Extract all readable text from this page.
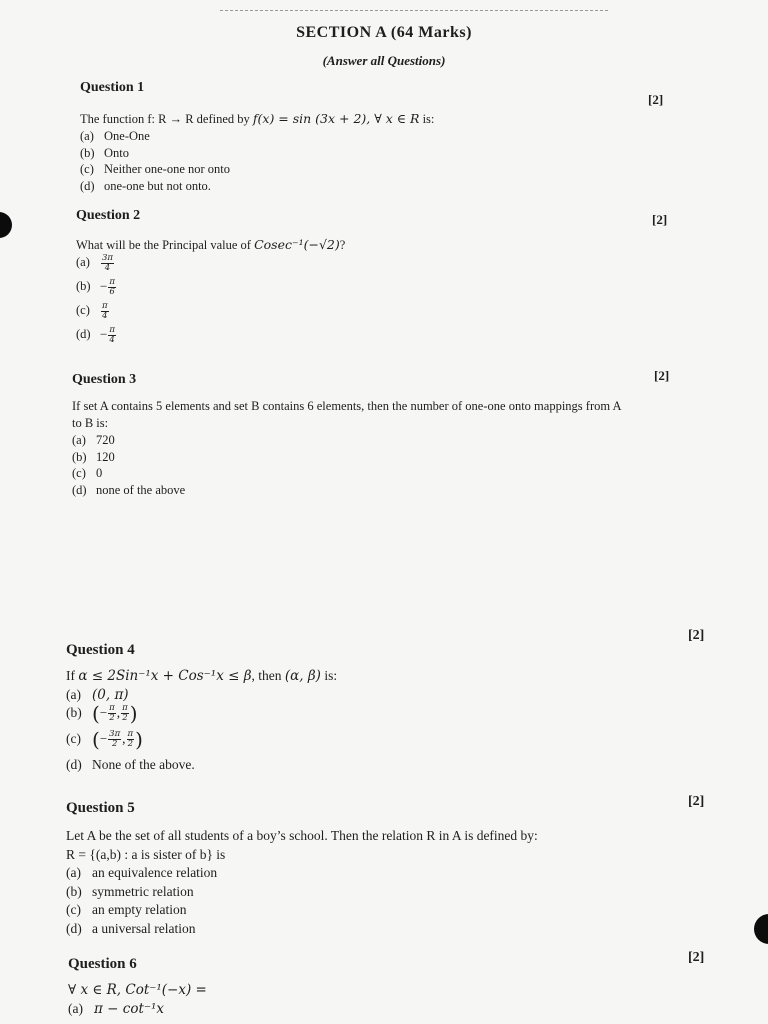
SECTION A (64 Marks)
(Answer all Questions)
Question 1
[2]
The function f: R → R defined by f(x) = sin (3x + 2), ∀ x ∈ R is:
(a) One-One
(b) Onto
(c) Neither one-one nor onto
(d) one-one but not onto.
Question 2	[2]
What will be the Principal value of Cosec⁻¹(−√2)?
$(a) \frac{3\pi}{4}$
$(b) - \frac{\pi}{6}$
$(c) \frac{\pi}{4}$
$(d) - \frac{\pi}{4}$
Question 3	[2]
If set A contains 5 elements and set B contains 6 elements, then the number of one-one onto mappings from A to B is:
(a) 720
(b) 120
(c) 0
(d) none of the above
[2]
Question 4
If α ≤ 2Sin⁻¹x + Cos⁻¹x ≤ β, then (α, β) is:
(a) (0, π)
(b) (− $\frac{\pi}{2}$ , $\frac{\pi}{2}$ )
(c) (− $\frac{3\pi}{2}$ , $\frac{\pi}{2}$ )
(d) None of the above.
[2]
Question 5
Let A be the set of all students of a boy’s school. Then the relation R in A is defined by:
R = {(a,b) : a is sister of b} is
(a) an equivalence relation
(b) symmetric relation
(c) an empty relation
(d) a universal relation
[2]
Question 6
∀ x ∈ R, Cot⁻¹(−x) =
(a) π − cot⁻¹x
